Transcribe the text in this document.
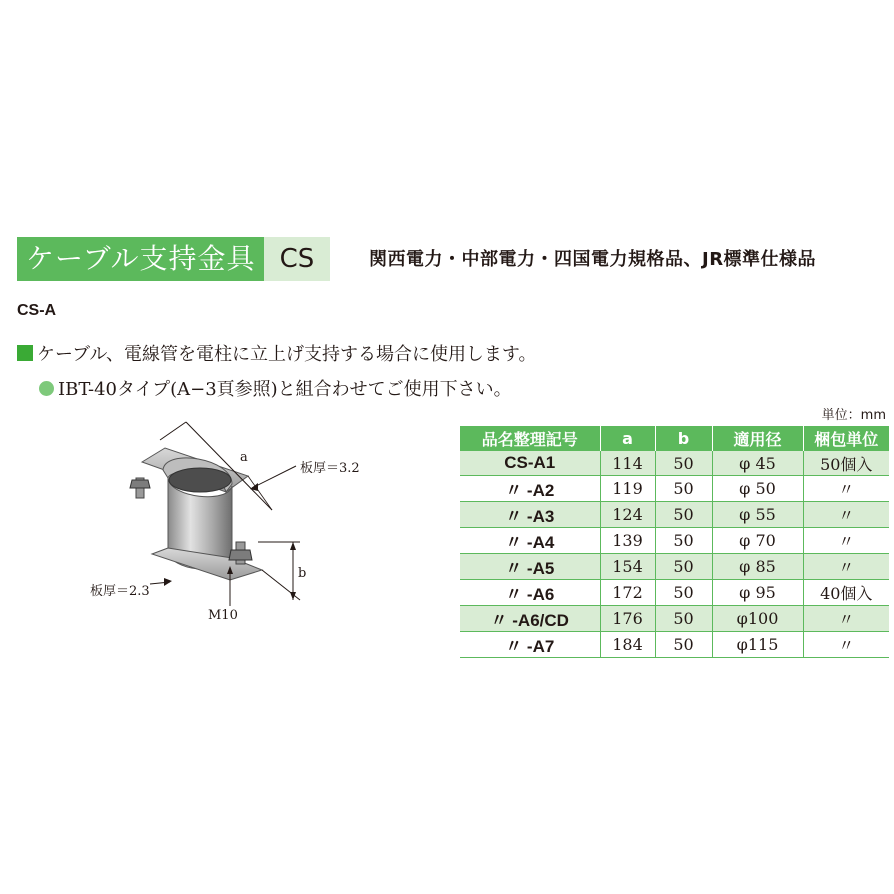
ケーブル支持金具 CS	関西電力・中部電力・四国電力規格品、JR標準仕様品
CS-A
ケーブル、電線管を電柱に立上げ支持する場合に使用します。
IBT-40タイプ(A−3頁参照)と組合わせてご使用下さい。
a
b
板厚＝3.2
板厚＝2.3
M10
単位：mm
品名整理記号	a	b	適用径	梱包単位
CS-A1	114	50	φ 45	50個入
〃 -A2	119	50	φ 50	〃
〃 -A3	124	50	φ 55	〃
〃 -A4	139	50	φ 70	〃
〃 -A5	154	50	φ 85	〃
〃 -A6	172	50	φ 95	40個入
〃 -A6/CD	176	50	φ100	〃
〃 -A7	184	50	φ115	〃
